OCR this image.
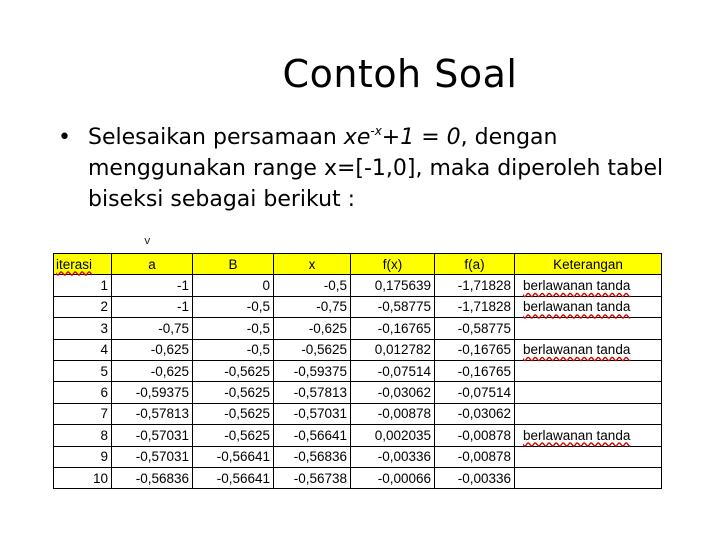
Contoh Soal
• Selesaikan persamaan $xe^{-x}+1 = 0$, dengan menggunakan range x=[-1,0], maka diperoleh tabel biseksi sebagai berikut :
v
iterasi	a	B	x	f(x)	f(a)	Keterangan
1	-1	0	-0,5	0,175639	-1,71828	berlawanan tanda
2	-1	-0,5	-0,75	-0,58775	-1,71828	berlawanan tanda
3	-0,75	-0,5	-0,625	-0,16765	-0,58775	
4	-0,625	-0,5	-0,5625	0,012782	-0,16765	berlawanan tanda
5	-0,625	-0,5625	-0,59375	-0,07514	-0,16765	
6	-0,59375	-0,5625	-0,57813	-0,03062	-0,07514	
7	-0,57813	-0,5625	-0,57031	-0,00878	-0,03062	
8	-0,57031	-0,5625	-0,56641	0,002035	-0,00878	berlawanan tanda
9	-0,57031	-0,56641	-0,56836	-0,00336	-0,00878	
10	-0,56836	-0,56641	-0,56738	-0,00066	-0,00336	
